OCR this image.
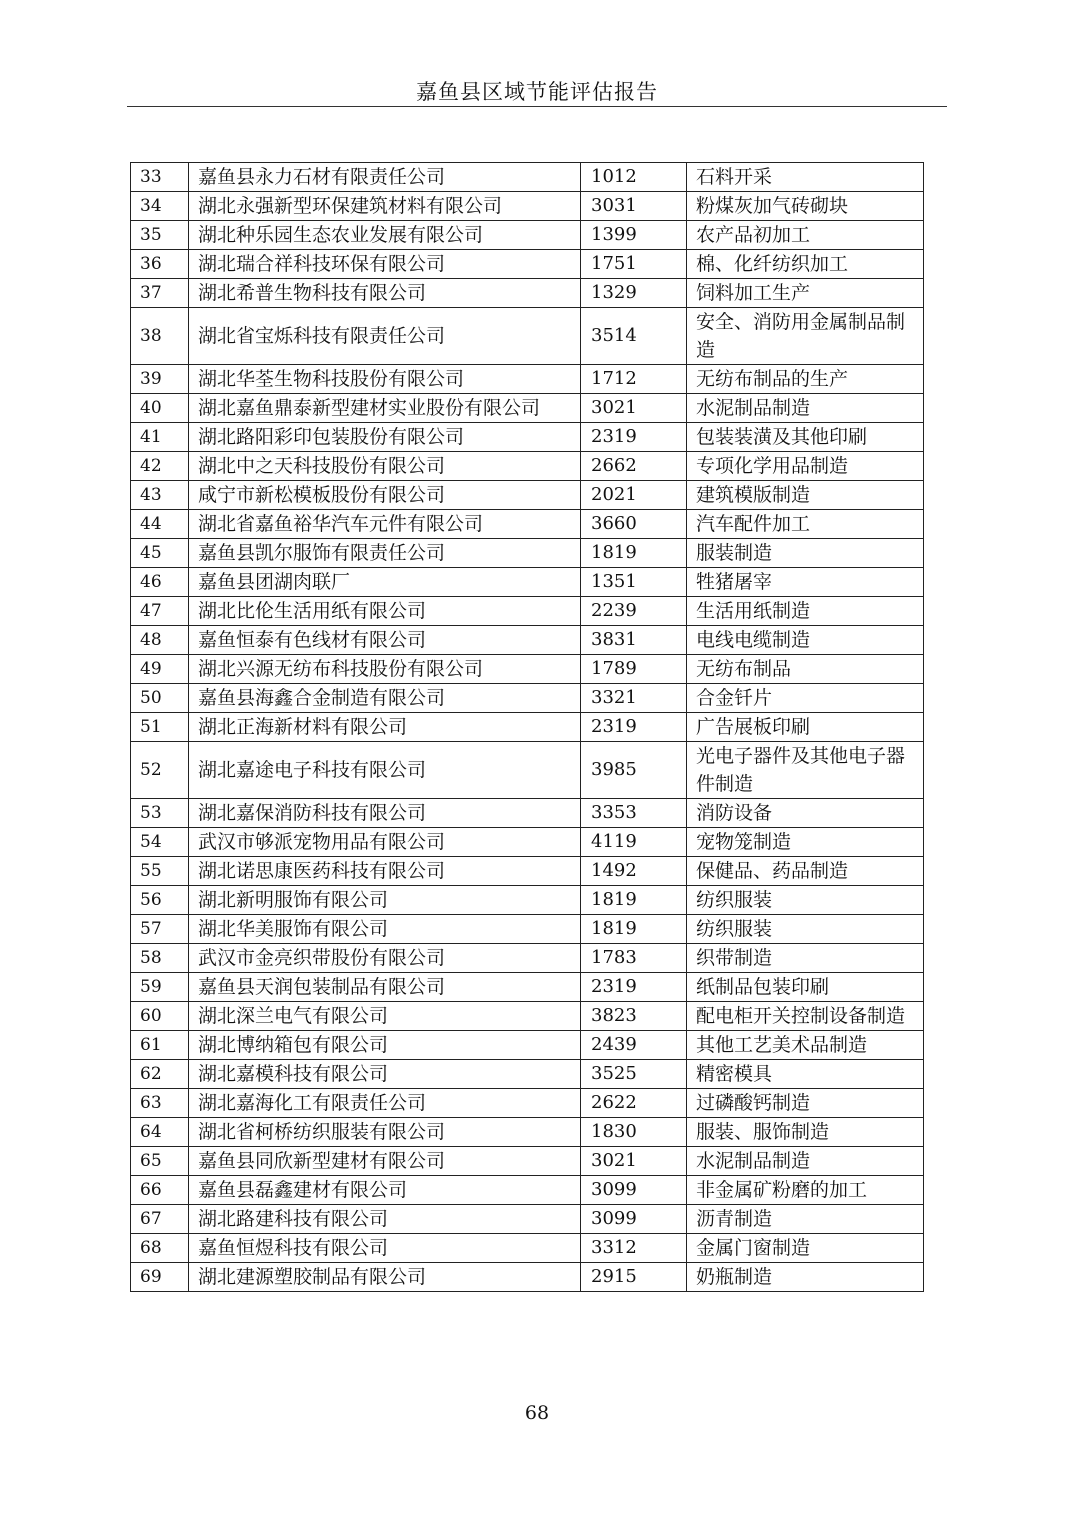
嘉鱼县区域节能评估报告
33	嘉鱼县永力石材有限责任公司	1012	石料开采
34	湖北永强新型环保建筑材料有限公司	3031	粉煤灰加气砖砌块
35	湖北种乐园生态农业发展有限公司	1399	农产品初加工
36	湖北瑞合祥科技环保有限公司	1751	棉、化纤纺织加工
37	湖北希普生物科技有限公司	1329	饲料加工生产
38	湖北省宝烁科技有限责任公司	3514	安全、消防用金属制品制造
39	湖北华荃生物科技股份有限公司	1712	无纺布制品的生产
40	湖北嘉鱼鼎泰新型建材实业股份有限公司	3021	水泥制品制造
41	湖北路阳彩印包装股份有限公司	2319	包装装潢及其他印刷
42	湖北中之天科技股份有限公司	2662	专项化学用品制造
43	咸宁市新松模板股份有限公司	2021	建筑模版制造
44	湖北省嘉鱼裕华汽车元件有限公司	3660	汽车配件加工
45	嘉鱼县凯尔服饰有限责任公司	1819	服装制造
46	嘉鱼县团湖肉联厂	1351	牲猪屠宰
47	湖北比伦生活用纸有限公司	2239	生活用纸制造
48	嘉鱼恒泰有色线材有限公司	3831	电线电缆制造
49	湖北兴源无纺布科技股份有限公司	1789	无纺布制品
50	嘉鱼县海鑫合金制造有限公司	3321	合金钎片
51	湖北正海新材料有限公司	2319	广告展板印刷
52	湖北嘉途电子科技有限公司	3985	光电子器件及其他电子器件制造
53	湖北嘉保消防科技有限公司	3353	消防设备
54	武汉市够派宠物用品有限公司	4119	宠物笼制造
55	湖北诺思康医药科技有限公司	1492	保健品、药品制造
56	湖北新明服饰有限公司	1819	纺织服装
57	湖北华美服饰有限公司	1819	纺织服装
58	武汉市金亮织带股份有限公司	1783	织带制造
59	嘉鱼县天润包装制品有限公司	2319	纸制品包装印刷
60	湖北深兰电气有限公司	3823	配电柜开关控制设备制造
61	湖北博纳箱包有限公司	2439	其他工艺美术品制造
62	湖北嘉模科技有限公司	3525	精密模具
63	湖北嘉海化工有限责任公司	2622	过磷酸钙制造
64	湖北省柯桥纺织服装有限公司	1830	服装、服饰制造
65	嘉鱼县同欣新型建材有限公司	3021	水泥制品制造
66	嘉鱼县磊鑫建材有限公司	3099	非金属矿粉磨的加工
67	湖北路建科技有限公司	3099	沥青制造
68	嘉鱼恒煜科技有限公司	3312	金属门窗制造
69	湖北建源塑胶制品有限公司	2915	奶瓶制造
68
